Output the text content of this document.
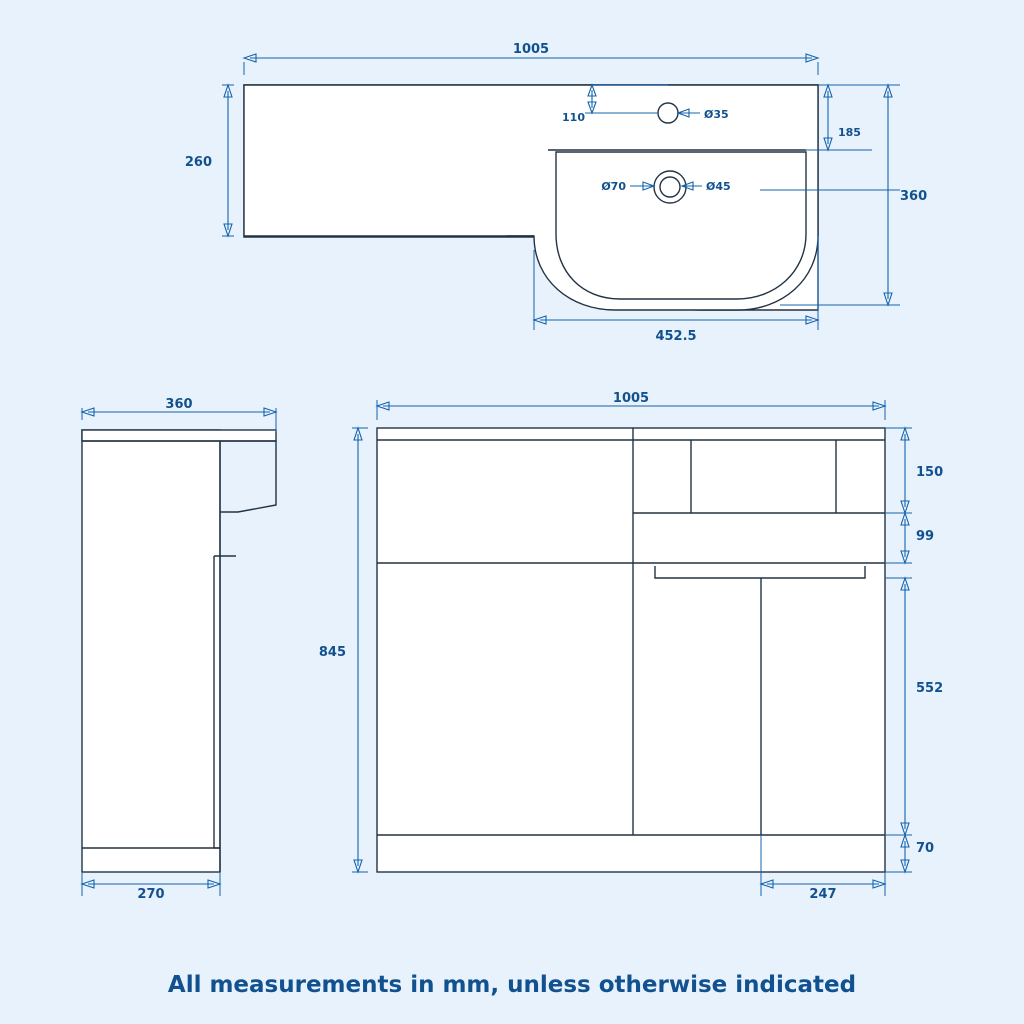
1005
260
110	Ø35
185
Ø70	Ø45
360
452.5
360
270
1005
845
150
99
552
70
247
All measurements in mm, unless otherwise indicated
